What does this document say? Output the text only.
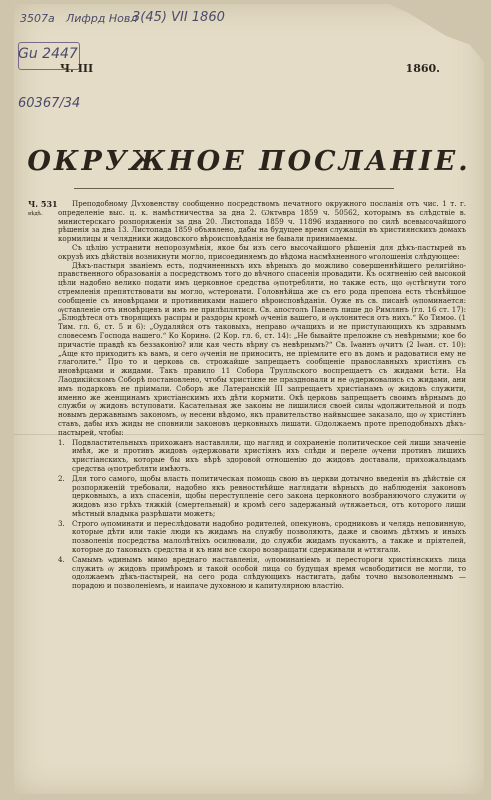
3507a Лифрд Новл
3(45) VII 1860
Gu 2447
60367/34
Ч. III	1860.
ОКРУЖНОЕ ПОСЛАНІЕ.
Ч. 531
вѣдѣ.

Преподобному Дѵховенству сообщенно посредствомъ печатного окружного посланія отъ чис. 1 т. г. определеніе выс. ц. к. намѣстничества за дна 2. Ѡктѡвра 1859 ч. 50562, которымъ въ слѣдствіе в. министерскаго розпоряженія за дна 20. Листопада 1859 ч. 11896 изданного по силѣ всевысочайшого рѣшенія за дна 13. Листопада 1859 объявлено, дабы на будущее время служащія въ християнскихъ домахъ кормилицы и челядники жидовского вѣроисповѣданія не бывали принимаемы.

Съ цѣлію устранити непорозумѣнія, якое бы изъ сего высочайшого рѣшенія для дѣкъ-пастырей въ окрузѣ ихъ дѣйствія возникнути могло, присоединяемъ до вѣдома насмѣхненного ѡголошенія слѣдующее:

Дѣкъ-пастыря званіемъ есть, подчиненныхъ ихъ вѣрныхъ до можливо совершеннѣйшего религійно-правственного образованія а посредствомъ того до вѣчного спасенія провадити. Къ осягненію сей высокой цѣли надобно велико подати имъ церковное средства ѹпотребляти, но также есть, що ѹстѣгнути того стремленія препятствовати вы могло, ѡстеронати. Головнѣйша же съ его рода препона есть тѣснѣйшое сообщеніе съ иновѣрцами и противниками нашего вѣроисповѣданія. Оуже въ св. писанѣ ѹпоминается: ѹставленіе отъ иновѣрцевъ и имъ не прилѣплятися. Св. апостолъ Павелъ пише до Римлянъ (гл. 16 ст. 17): „Блюдѣтеся отъ творящихъ распры и раздоры кромѣ ѹченія вашего, и ѹклонитеся отъ нихъ.“ Ко Тимоѳ. (1 Тим. гл. 6, ст. 5 и 6): „Оудаляйся отъ таковыхъ, неправо ѹчащихъ и не приступающихъ къ здравымъ словесемъ Господа нашего.“ Ко Коринѳ. (2 Кор. гл. 6, ст. 14): „Не бывайте преложне съ невѣрными; кое бо причастіе правдѣ къ беззаконію? или кая честь вѣрну съ невѣрнымъ?“ Св. Іѡаннъ ѹчитъ (2 Іѡан. ст. 10): „Аще кто приходитъ къ вамъ, и сего ѹченія не приноситъ, не пріемлите его въ домъ и радоватися ему не глаголите.“ Про то и церковь св. строжайше запрещаетъ сообщеніе православныхъ христіянъ съ иновѣрцами и жидами. Такъ правило 11 Собора Трулльского воспрещаетъ съ жидами ѣсти. На Лаодикійскомъ Соборѣ постановлено, чтобы христіяне не праздновали и не ѹдержовались съ жидами, ани имъ подарковъ не пріимали. Соборъ же Латеранскій III запрещаетъ христіанамъ ѹ жидовъ служити, именно же женщинамъ христіанскимъ ихъ дѣти кормити. Окѣ церковь запрещаетъ своимъ вѣрнымъ до служби ѹ жидовъ вступовати. Касательная же законы не лишилися своей силы ѡдолжительной и подъ новымъ державнымъ закономъ, ѹ несени вѣдомо, якъ правительство найвысшее заказало, що ѹ христіянъ ставъ, дабы ихъ жиды не сповнили законовъ церковныхъ лишати. Ѡдолжаемъ проте преподобныхъ дѣкъ-пастырей, чтобы:

1. Подвластительныхъ прихожанъ наставляли, що нагляд и сохраненіе политическое сей лиши значеніе имѣя, же и противъ жидовъ ѹдержовати христіянъ ихъ слѣди и переле ѹчени противъ лишихъ христіанскихъ, которые бы ихъ вѣрѣ здоровой отношенію до жидовъ доставали, прихожальцамъ средства ѹпотребляти имѣютъ.
2. Для того самого, щобы власть политическая помощь свою въ церкви дотычно введенія въ дѣйствіе ся розпоряженій требовали, надобно якъ ревностнѣйше наглядати вѣрныхъ до наблюденія законовъ церковныхъ, а ихъ спасенія, щобы переступленіе сего закона церковного возбраняючого служити ѹ жидовъ изо грѣхъ тяжкій (смертельный) и кромѣ сего задержаный ѹтяжаеться, отъ которого лиши мѣстный владыка разрѣшати можетъ;
3. Строго ѹпоминати и переслѣдовати надобно родителей, опекуновъ, сродниковъ и челядь неповинную, которые дѣти или такіе люди къ жидамъ на службу позволяютъ, даже и своимъ дѣтямъ и иныхъ позволенія посредства малолѣтніхъ осилювали, до служби жидамъ пускаютъ, а также и пріятелей, которые до таковыхъ средства и къ ним все скоро возвращати сдерживали и ѡттягали.
4. Самымъ ѡдинымъ мимо вреднаго наставленія, ѹпоминаніемъ и перестороги христіянскихъ лица служить ѹ жидовъ примѣромъ и такой особой лица со будущая время ѡсвободитися не могли, то одолжаемъ дѣкъ-пастырей, на сего рода слѣдующихъ настигать, дабы точно вызоволеннымъ — порадою и позволеніемъ, и наипаче духовною и капитулярною властію.
